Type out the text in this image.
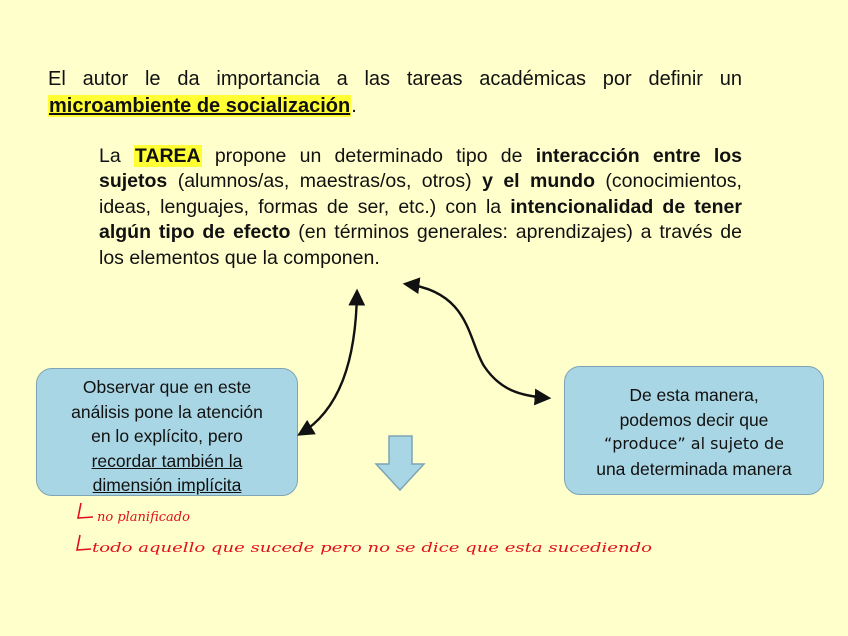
El autor le da importancia a las tareas académicas por definir un microambiente de socialización.

La TAREA propone un determinado tipo de interacción entre los sujetos (alumnos/as, maestras/os, otros) y el mundo (conocimientos, ideas, lenguajes, formas de ser, etc.) con la intencionalidad de tener algún tipo de efecto (en términos generales: aprendizajes) a través de los elementos que la componen.

Observar que en este
análisis pone la atención
en lo explícito, pero
recordar también la
dimensión implícita
De esta manera,
podemos decir que
“produce” al sujeto de
una determinada manera
no planificado
todo aquello que sucede pero no se dice que esta sucediendo
